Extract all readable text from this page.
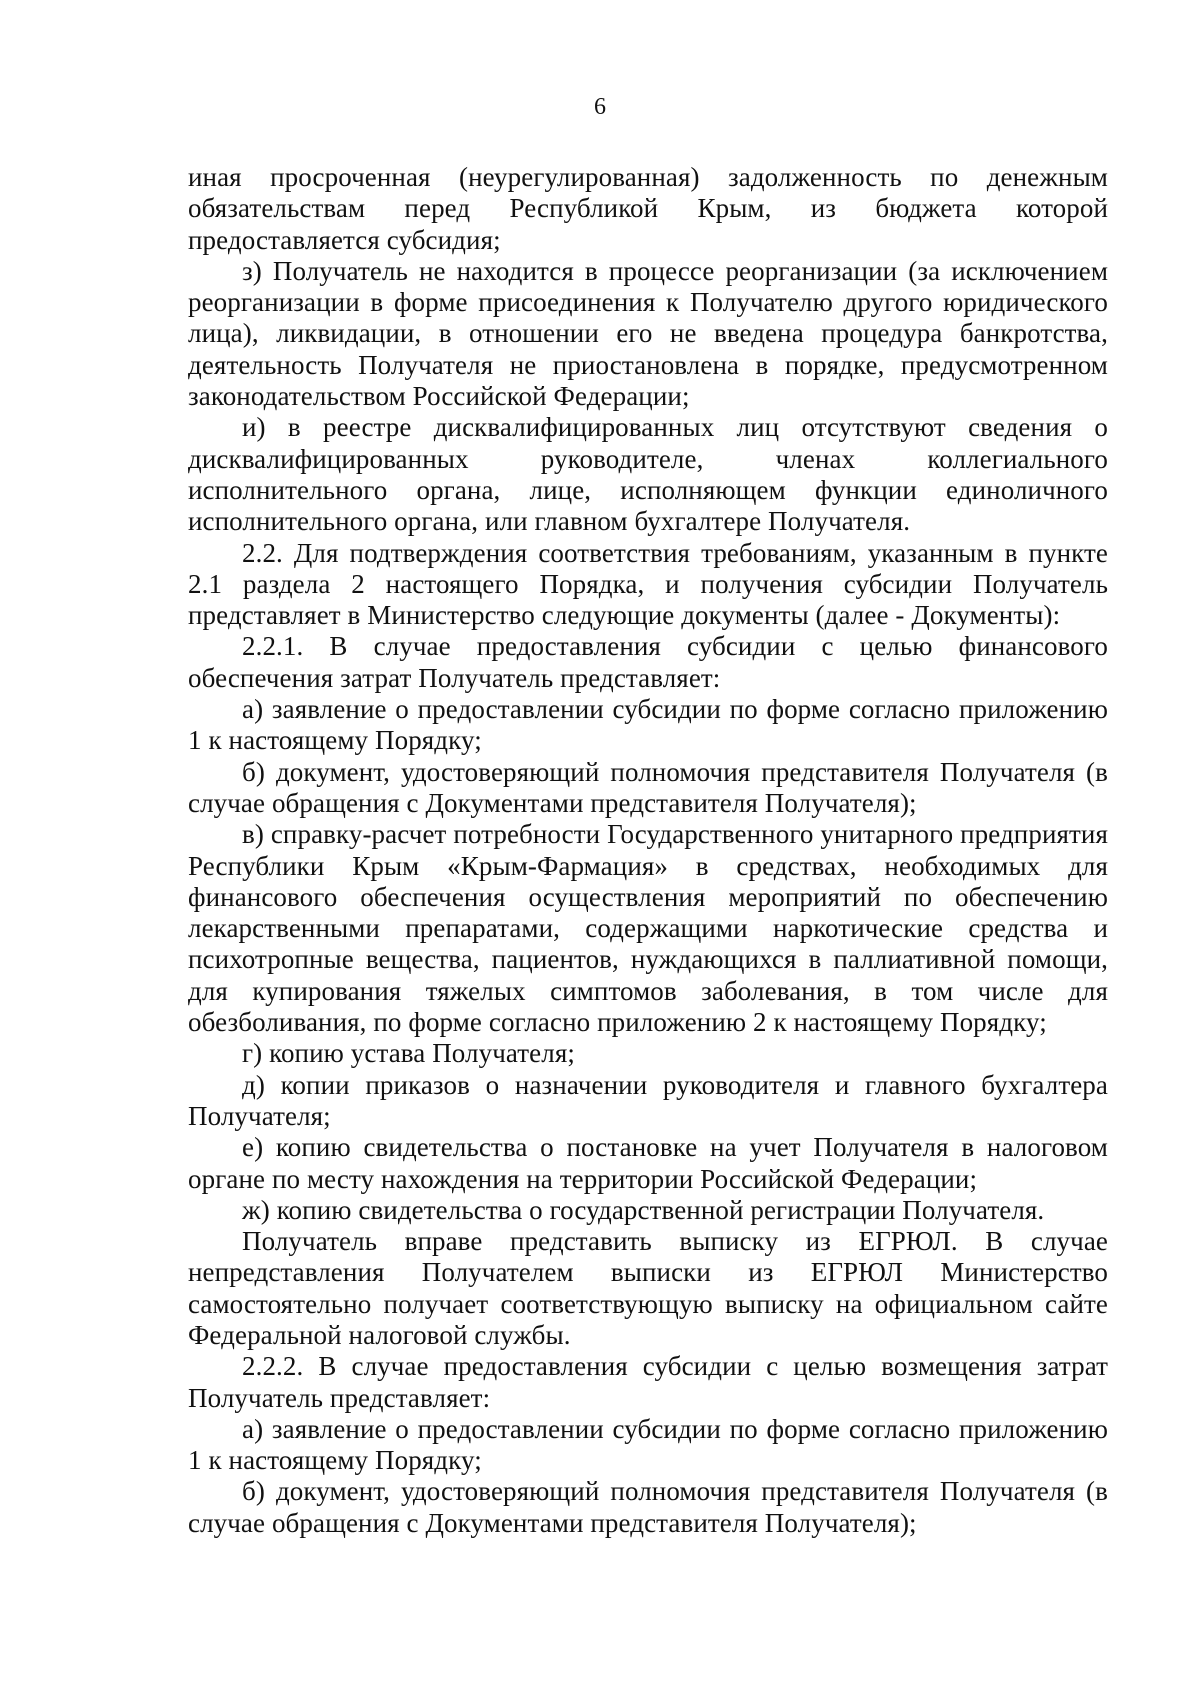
6

иная просроченная (неурегулированная) задолженность по денежным обязательствам перед Республикой Крым, из бюджета которой предоставляется субсидия;

з) Получатель не находится в процессе реорганизации (за исключением реорганизации в форме присоединения к Получателю другого юридического лица), ликвидации, в отношении его не введена процедура банкротства, деятельность Получателя не приостановлена в порядке, предусмотренном законодательством Российской Федерации;

и) в реестре дисквалифицированных лиц отсутствуют сведения о дисквалифицированных руководителе, членах коллегиального исполнительного органа, лице, исполняющем функции единоличного исполнительного органа, или главном бухгалтере Получателя.

2.2. Для подтверждения соответствия требованиям, указанным в пункте 2.1 раздела 2 настоящего Порядка, и получения субсидии Получатель представляет в Министерство следующие документы (далее - Документы):

2.2.1. В случае предоставления субсидии с целью финансового обеспечения затрат Получатель представляет:

а) заявление о предоставлении субсидии по форме согласно приложению 1 к настоящему Порядку;

б) документ, удостоверяющий полномочия представителя Получателя (в случае обращения с Документами представителя Получателя);

в) справку-расчет потребности Государственного унитарного предприятия Республики Крым «Крым-Фармация» в средствах, необходимых для финансового обеспечения осуществления мероприятий по обеспечению лекарственными препаратами, содержащими наркотические средства и психотропные вещества, пациентов, нуждающихся в паллиативной помощи, для купирования тяжелых симптомов заболевания, в том числе для обезболивания, по форме согласно приложению 2 к настоящему Порядку;

г) копию устава Получателя;

д) копии приказов о назначении руководителя и главного бухгалтера Получателя;

е) копию свидетельства о постановке на учет Получателя в налоговом органе по месту нахождения на территории Российской Федерации;

ж) копию свидетельства о государственной регистрации Получателя.

Получатель вправе представить выписку из ЕГРЮЛ. В случае непредставления Получателем выписки из ЕГРЮЛ Министерство самостоятельно получает соответствующую выписку на официальном сайте Федеральной налоговой службы.

2.2.2. В случае предоставления субсидии с целью возмещения затрат Получатель представляет:

а) заявление о предоставлении субсидии по форме согласно приложению 1 к настоящему Порядку;

б) документ, удостоверяющий полномочия представителя Получателя (в случае обращения с Документами представителя Получателя);
